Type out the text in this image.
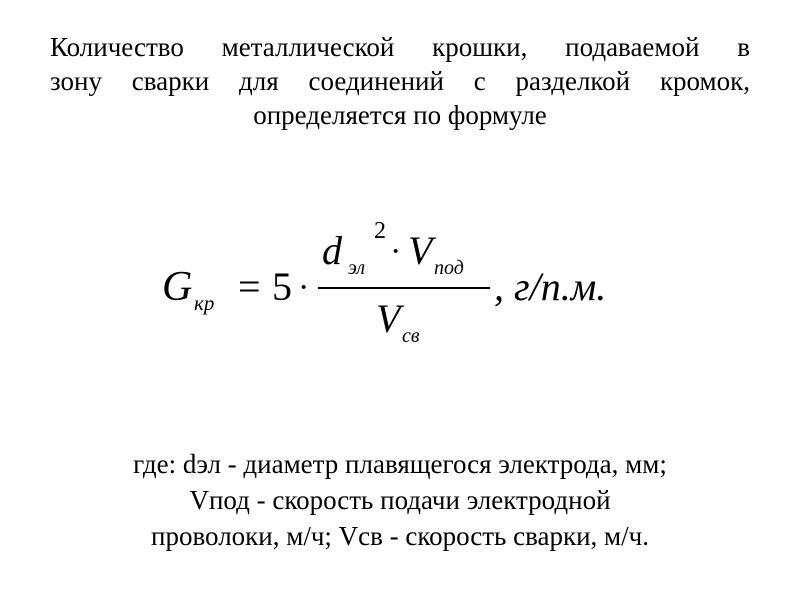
Количество металлической крошки, подаваемой в
зону сварки для соединений с разделкой кромок,
определяется по формуле
G кр = 5 ·
d эл
2
· V под
V св
, г/п.м.
где: dэл - диаметр плавящегося электрода, мм;
Vпод - скорость подачи электродной
проволоки, м/ч; Vсв - скорость сварки, м/ч.
